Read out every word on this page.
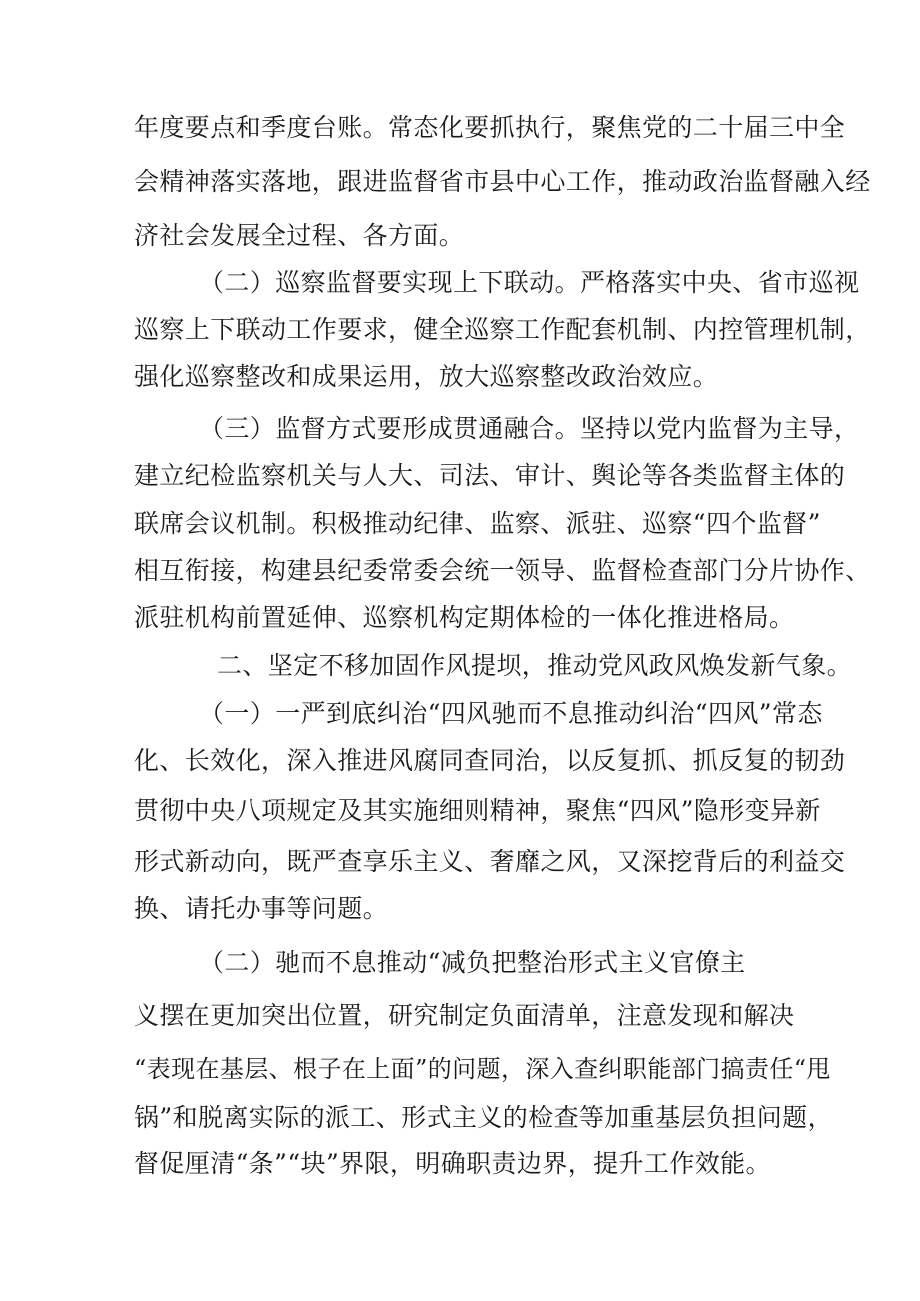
年度要点和季度台账。常态化要抓执行，聚焦党的二十届三中全
会精神落实落地，跟进监督省市县中心工作，推动政治监督融入经
济社会发展全过程、各方面。
（二）巡察监督要实现上下联动。严格落实中央、省市巡视
巡察上下联动工作要求，健全巡察工作配套机制、内控管理机制，
强化巡察整改和成果运用，放大巡察整改政治效应。
（三）监督方式要形成贯通融合。坚持以党内监督为主导，
建立纪检监察机关与人大、司法、审计、舆论等各类监督主体的
联席会议机制。积极推动纪律、监察、派驻、巡察“四个监督”
相互衔接，构建县纪委常委会统一领导、监督检查部门分片协作、
派驻机构前置延伸、巡察机构定期体检的一体化推进格局。
二、坚定不移加固作风提坝，推动党风政风焕发新气象。
（一）一严到底纠治“四风驰而不息推动纠治“四风”常态
化、长效化，深入推进风腐同查同治，以反复抓、抓反复的韧劲
贯彻中央八项规定及其实施细则精神，聚焦“四风”隐形变异新
形式新动向，既严查享乐主义、奢靡之风，又深挖背后的利益交
换、请托办事等问题。
（二）驰而不息推动“减负把整治形式主义官僚主
义摆在更加突出位置，研究制定负面清单，注意发现和解决
“表现在基层、根子在上面”的问题，深入查纠职能部门搞责任“甩
锅”和脱离实际的派工、形式主义的检查等加重基层负担问题，
督促厘清“条”“块”界限，明确职责边界，提升工作效能。
